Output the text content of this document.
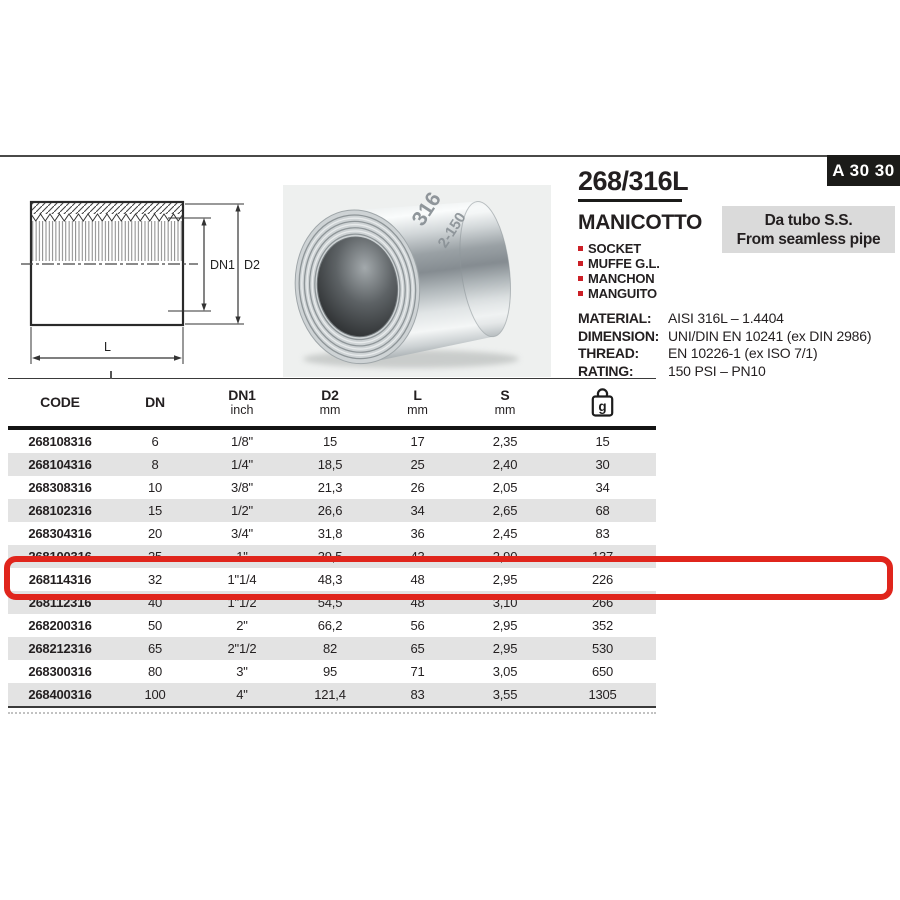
A 30 30
DN1 D2
L
316
2-150
268/316L
MANICOTTO
SOCKET
MUFFE G.L.
MANCHON
MANGUITO
MATERIAL:	AISI 316L – 1.4404
DIMENSION: UNI/DIN EN 10241 (ex DIN 2986)
THREAD:	EN 10226-1 (ex ISO 7/1)
RATING:	150 PSI – PN10
Da tubo S.S.
From seamless pipe
CODE	DN	DN1
inch
D2
mm
L
mm
S
mm	g
268108316	6	1/8"	15	17	2,35	15
268104316	8	1/4"	18,5	25	2,40	30
268308316	10	3/8"	21,3	26	2,05	34
268102316	15	1/2"	26,6	34	2,65	68
268304316	20	3/4"	31,8	36	2,45	83
268100316	25	1"	39,5	43	2,90	137
268114316	32	1"1/4	48,3	48	2,95	226
268112316	40	1"1/2	54,5	48	3,10	266
268200316	50	2"	66,2	56	2,95	352
268212316	65	2"1/2	82	65	2,95	530
268300316	80	3"	95	71	3,05	650
268400316	100	4"	121,4	83	3,55	1305
